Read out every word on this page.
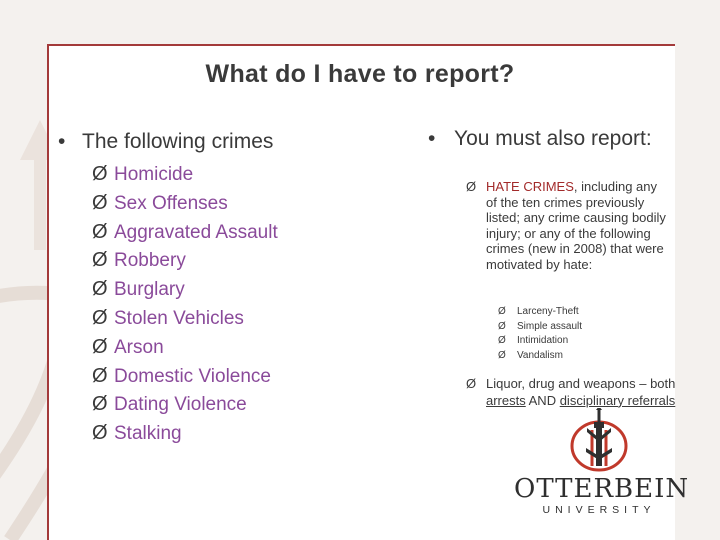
What do I have to report?
• The following crimes
Ø Homicide
Ø Sex Offenses
Ø Aggravated Assault
Ø Robbery
Ø Burglary
Ø Stolen Vehicles
Ø Arson
Ø Domestic Violence
Ø Dating Violence
Ø Stalking
• You must also report:
Ø HATE CRIMES, including any of the ten crimes previously listed; any crime causing bodily injury; or any of the following crimes (new in 2008) that were motivated by hate:
Ø Larceny-Theft
Ø Simple assault
Ø Intimidation
Ø Vandalism
Ø Liquor, drug and weapons – both arrests AND disciplinary referrals
OTTERBEIN
UNIVERSITY
